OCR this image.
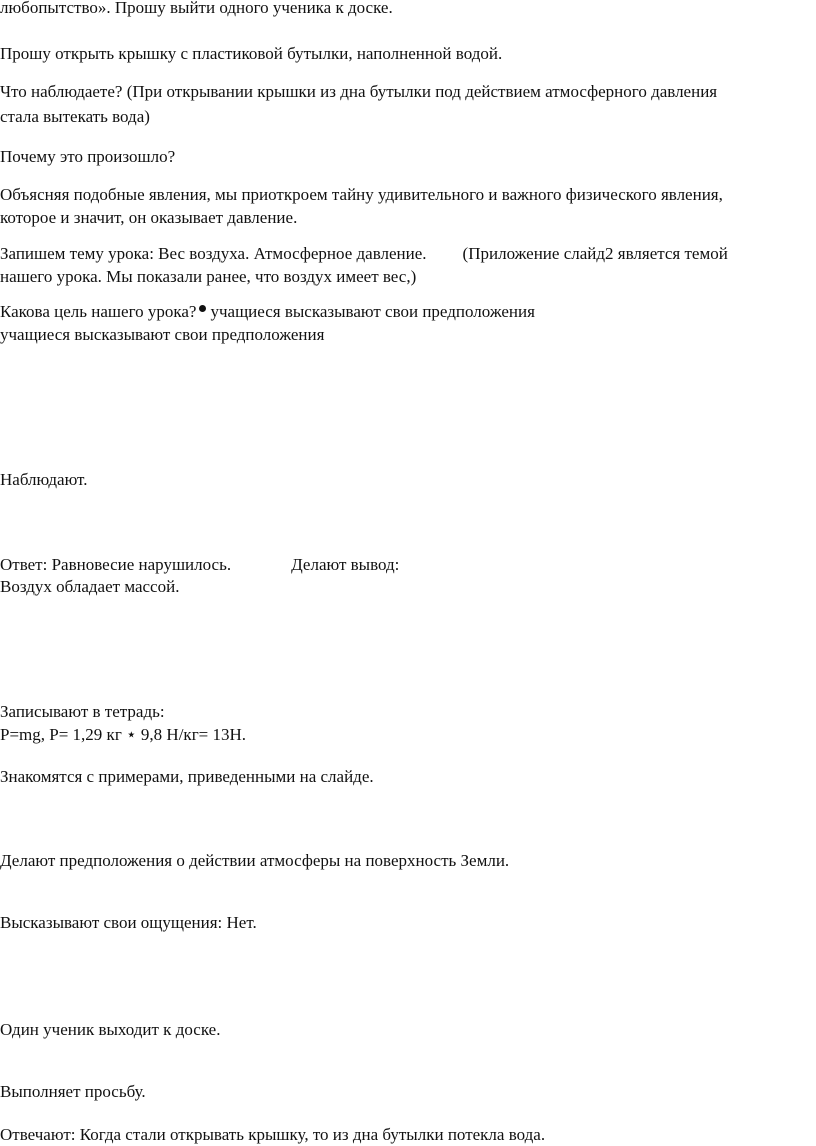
любопытство». Прошу выйти одного ученика к доске.
Прошу открыть крышку с пластиковой бутылки, наполненной водой.
Что наблюдаете? (При открывании крышки из дна бутылки под действием атмосферного давления
стала вытекать вода)
Почему это произошло?
Объясняя подобные явления, мы приоткроем тайну удивительного и важного физического явления,
которое и значит, он оказывает давление.
Запишем тему урока: Вес воздуха. Атмосферное давление. (Приложение слайд2 является темой
нашего урока. Мы показали ранее, что воздух имеет вес,)
Какова цель нашего урока? учащиеся высказывают свои предположения
учащиеся высказывают свои предположения
Наблюдают.
Ответ: Равновесие нарушилось.	Делают вывод:
Воздух обладает массой.
Записывают в тетрадь:
P=mg, P= 1,29 кг ⋆ 9,8 Н/кг= 13Н.
Знакомятся с примерами, приведенными на слайде.
Делают предположения о действии атмосферы на поверхность Земли.
Высказывают свои ощущения: Нет.
Один ученик выходит к доске.
Выполняет просьбу.
Отвечают: Когда стали открывать крышку, то из дна бутылки потекла вода.
